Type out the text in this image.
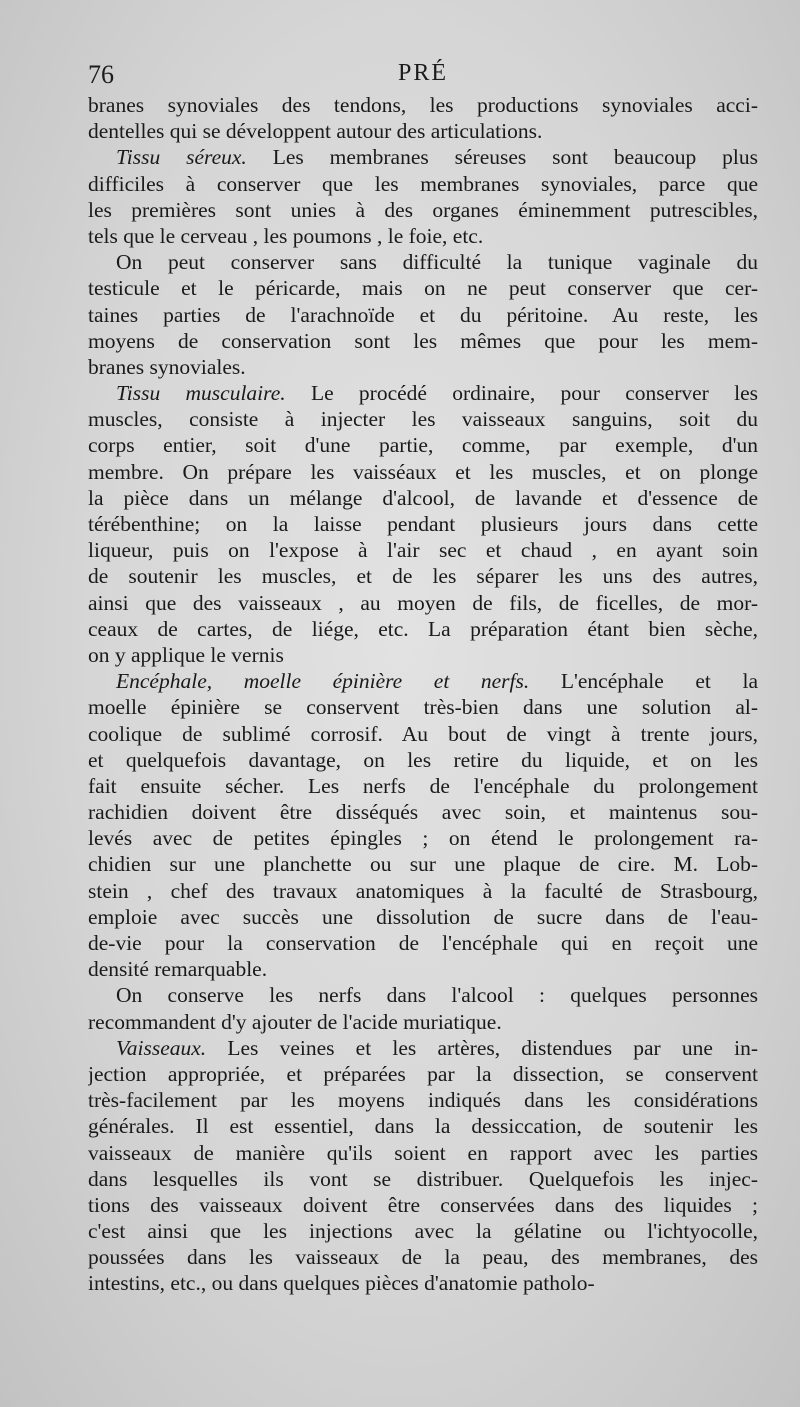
76	PRÉ
branes synoviales des tendons, les productions synoviales acci-
dentelles qui se développent autour des articulations.
Tissu séreux. Les membranes séreuses sont beaucoup plus
difficiles à conserver que les membranes synoviales, parce que
les premières sont unies à des organes éminemment putrescibles,
tels que le cerveau , les poumons , le foie, etc.
On peut conserver sans difficulté la tunique vaginale du
testicule et le péricarde, mais on ne peut conserver que cer-
taines parties de l'arachnoïde et du péritoine. Au reste, les
moyens de conservation sont les mêmes que pour les mem-
branes synoviales.
Tissu musculaire. Le procédé ordinaire, pour conserver les
muscles, consiste à injecter les vaisseaux sanguins, soit du
corps entier, soit d'une partie, comme, par exemple, d'un
membre. On prépare les vaisséaux et les muscles, et on plonge
la pièce dans un mélange d'alcool, de lavande et d'essence de
térébenthine; on la laisse pendant plusieurs jours dans cette
liqueur, puis on l'expose à l'air sec et chaud , en ayant soin
de soutenir les muscles, et de les séparer les uns des autres,
ainsi que des vaisseaux , au moyen de fils, de ficelles, de mor-
ceaux de cartes, de liége, etc. La préparation étant bien sèche,
on y applique le vernis
Encéphale, moelle épinière et nerfs. L'encéphale et la
moelle épinière se conservent très-bien dans une solution al-
coolique de sublimé corrosif. Au bout de vingt à trente jours,
et quelquefois davantage, on les retire du liquide, et on les
fait ensuite sécher. Les nerfs de l'encéphale du prolongement
rachidien doivent être disséqués avec soin, et maintenus sou-
levés avec de petites épingles ; on étend le prolongement ra-
chidien sur une planchette ou sur une plaque de cire. M. Lob-
stein , chef des travaux anatomiques à la faculté de Strasbourg,
emploie avec succès une dissolution de sucre dans de l'eau-
de-vie pour la conservation de l'encéphale qui en reçoit une
densité remarquable.
On conserve les nerfs dans l'alcool : quelques personnes
recommandent d'y ajouter de l'acide muriatique.
Vaisseaux. Les veines et les artères, distendues par une in-
jection appropriée, et préparées par la dissection, se conservent
très-facilement par les moyens indiqués dans les considérations
générales. Il est essentiel, dans la dessiccation, de soutenir les
vaisseaux de manière qu'ils soient en rapport avec les parties
dans lesquelles ils vont se distribuer. Quelquefois les injec-
tions des vaisseaux doivent être conservées dans des liquides ;
c'est ainsi que les injections avec la gélatine ou l'ichtyocolle,
poussées dans les vaisseaux de la peau, des membranes, des
intestins, etc., ou dans quelques pièces d'anatomie patholo-
